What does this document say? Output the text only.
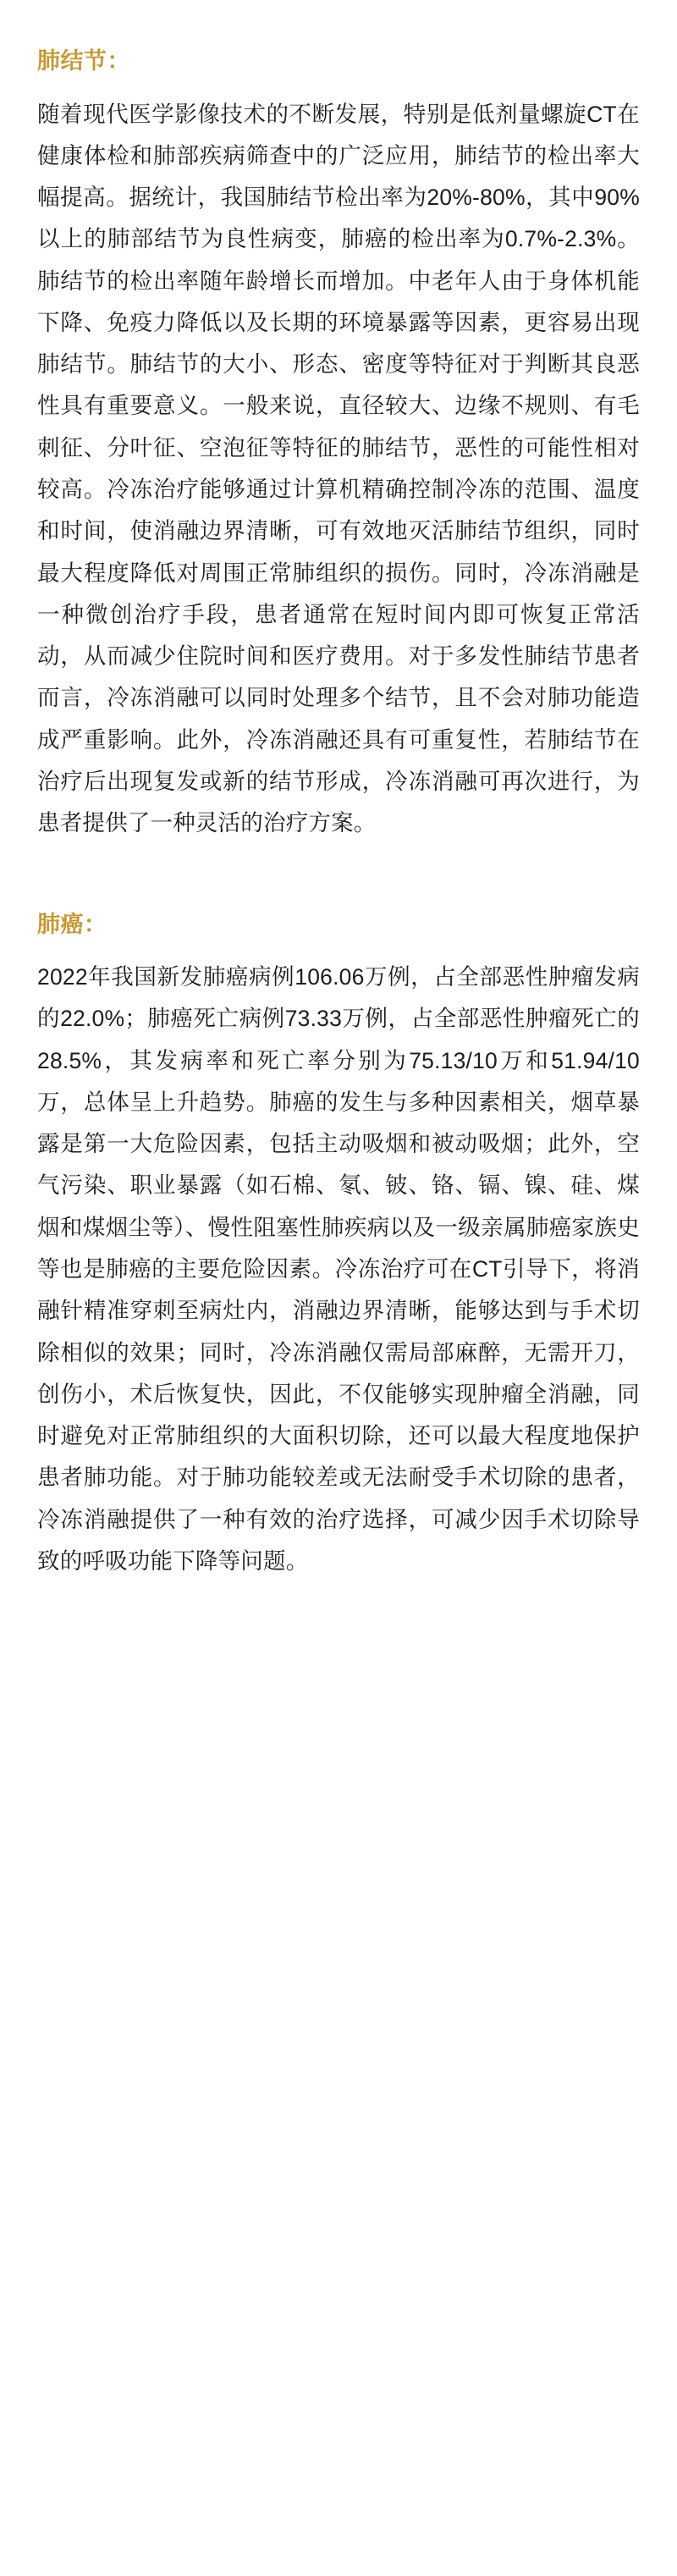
肺结节：

随着现代医学影像技术的不断发展，特别是低剂量螺旋CT在健康体检和肺部疾病筛查中的广泛应用，肺结节的检出率大幅提高。据统计，我国肺结节检出率为20%-80%，其中90%以上的肺部结节为良性病变，肺癌的检出率为0.7%-2.3%。肺结节的检出率随年龄增长而增加。中老年人由于身体机能下降、免疫力降低以及长期的环境暴露等因素，更容易出现肺结节。肺结节的大小、形态、密度等特征对于判断其良恶性具有重要意义。一般来说，直径较大、边缘不规则、有毛刺征、分叶征、空泡征等特征的肺结节，恶性的可能性相对较高。冷冻治疗能够通过计算机精确控制冷冻的范围、温度和时间，使消融边界清晰，可有效地灭活肺结节组织，同时最大程度降低对周围正常肺组织的损伤。同时，冷冻消融是一种微创治疗手段，患者通常在短时间内即可恢复正常活动，从而减少住院时间和医疗费用。对于多发性肺结节患者而言，冷冻消融可以同时处理多个结节，且不会对肺功能造成严重影响。此外，冷冻消融还具有可重复性，若肺结节在治疗后出现复发或新的结节形成，冷冻消融可再次进行，为患者提供了一种灵活的治疗方案。

肺癌：

2022年我国新发肺癌病例106.06万例，占全部恶性肿瘤发病的22.0%；肺癌死亡病例73.33万例，占全部恶性肿瘤死亡的28.5%，其发病率和死亡率分别为75.13/10万和51.94/10万，总体呈上升趋势。肺癌的发生与多种因素相关，烟草暴露是第一大危险因素，包括主动吸烟和被动吸烟；此外，空气污染、职业暴露（如石棉、氡、铍、铬、镉、镍、硅、煤烟和煤烟尘等）、慢性阻塞性肺疾病以及一级亲属肺癌家族史等也是肺癌的主要危险因素。冷冻治疗可在CT引导下，将消融针精准穿刺至病灶内，消融边界清晰，能够达到与手术切除相似的效果；同时，冷冻消融仅需局部麻醉，无需开刀，创伤小，术后恢复快，因此，不仅能够实现肿瘤全消融，同时避免对正常肺组织的大面积切除，还可以最大程度地保护患者肺功能。对于肺功能较差或无法耐受手术切除的患者，冷冻消融提供了一种有效的治疗选择，可减少因手术切除导致的呼吸功能下降等问题。
